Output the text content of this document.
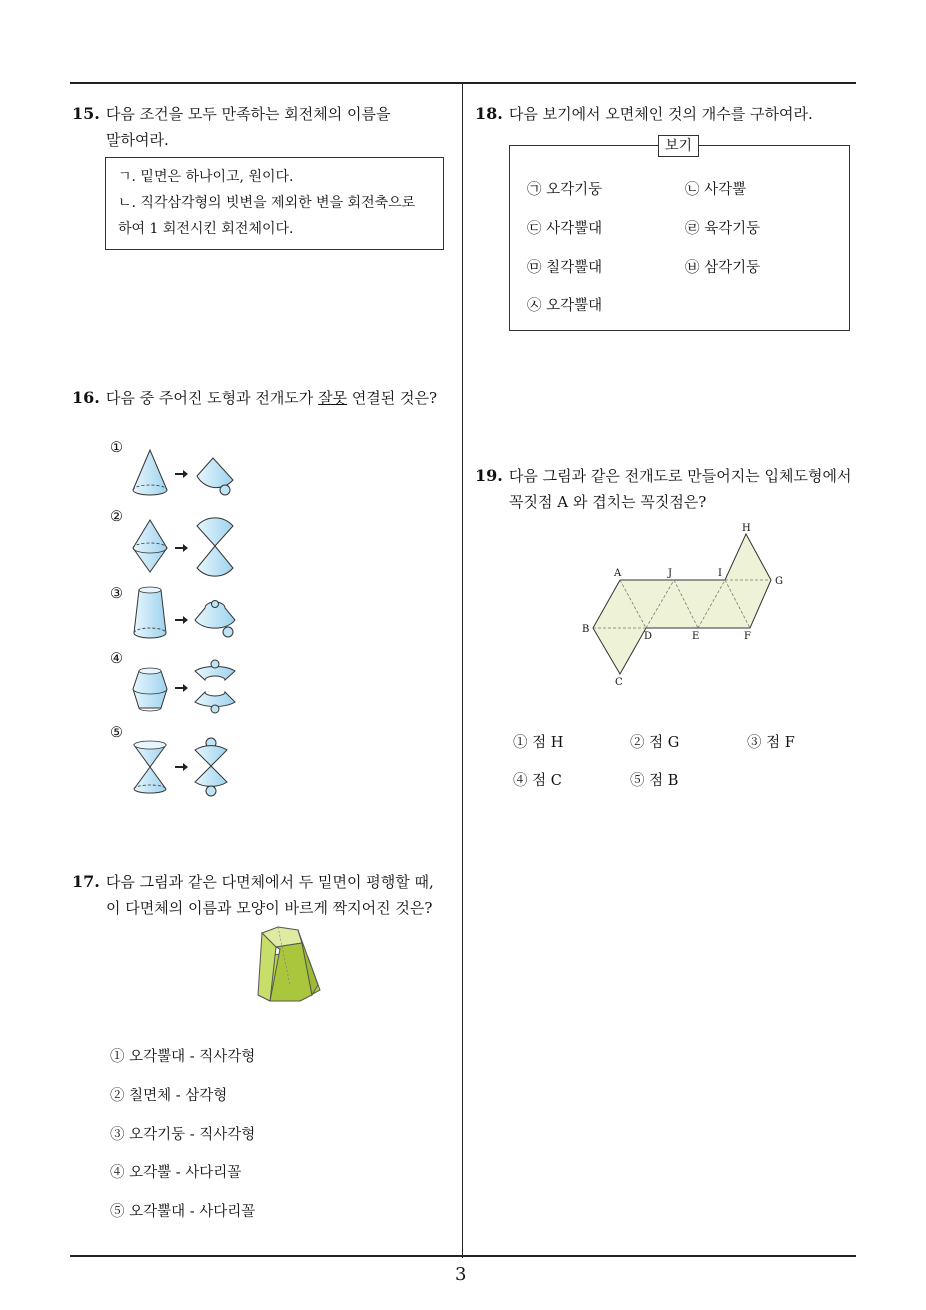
3
15. 다음 조건을 모두 만족하는 회전체의 이름을
말하여라.
ㄱ. 밑면은 하나이고, 원이다.
ㄴ. 직각삼각형의 빗변을 제외한 변을 회전축으로
하여 1 회전시킨 회전체이다.
16. 다음 중 주어진 도형과 전개도가 잘못 연결된 것은?
①
②
③
④
⑤
17. 다음 그림과 같은 다면체에서 두 밑면이 평행할 때,
이 다면체의 이름과 모양이 바르게 짝지어진 것은?
① 오각뿔대 - 직사각형
② 칠면체 - 삼각형
③ 오각기둥 - 직사각형
④ 오각뿔 - 사다리꼴
⑤ 오각뿔대 - 사다리꼴
18. 다음 보기에서 오면체인 것의 개수를 구하여라.
보기
㉠ 오각기둥	㉡ 사각뿔
㉢ 사각뿔대	㉣ 육각기둥
㉤ 칠각뿔대	㉥ 삼각기둥
㉦ 오각뿔대
19. 다음 그림과 같은 전개도로 만들어지는 입체도형에서
꼭짓점 A 와 겹치는 꼭짓점은?
H
A	J	I
G
B
D	E	F
C
① 점 H	② 점 G	③ 점 F
④ 점 C	⑤ 점 B
